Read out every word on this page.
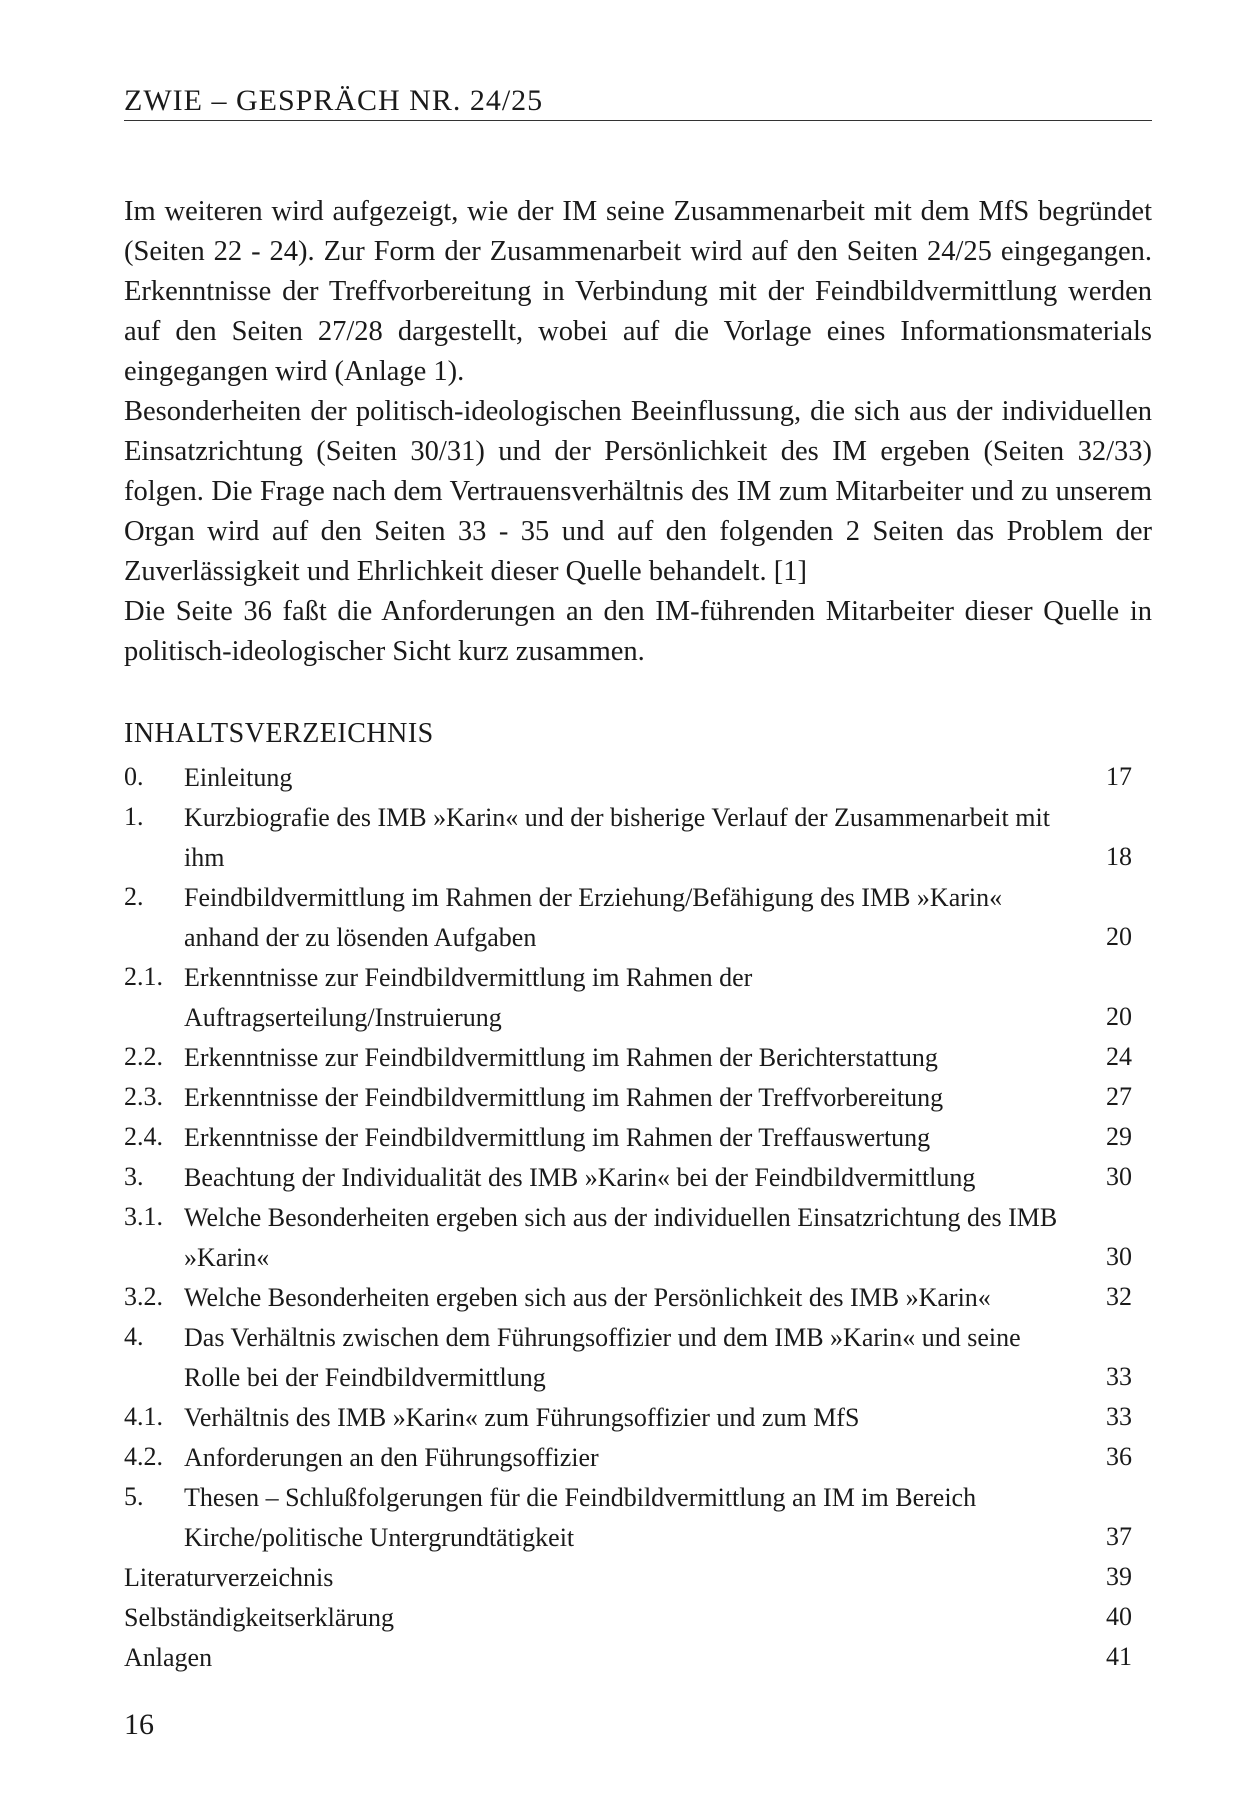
ZWIE – GESPRÄCH NR. 24/25

Im weiteren wird aufgezeigt, wie der IM seine Zusammenarbeit mit dem MfS begründet (Seiten 22 - 24). Zur Form der Zusammenarbeit wird auf den Seiten 24/25 eingegangen. Erkenntnisse der Treffvorbereitung in Verbindung mit der Feindbildvermittlung werden auf den Seiten 27/28 dargestellt, wobei auf die Vorlage eines Informationsmaterials eingegangen wird (Anlage 1).

Besonderheiten der politisch-ideologischen Beeinflussung, die sich aus der individuellen Einsatzrichtung (Seiten 30/31) und der Persönlichkeit des IM ergeben (Seiten 32/33) folgen. Die Frage nach dem Vertrauensverhältnis des IM zum Mitarbeiter und zu unserem Organ wird auf den Seiten 33 - 35 und auf den folgenden 2 Seiten das Problem der Zuverlässigkeit und Ehrlichkeit dieser Quelle behandelt. [1]

Die Seite 36 faßt die Anforderungen an den IM-führenden Mitarbeiter dieser Quelle in politisch-ideologischer Sicht kurz zusammen.

INHALTSVERZEICHNIS
0. Einleitung	17
1. Kurzbiografie des IMB »Karin« und der bisherige Verlauf der Zusammenarbeit mit ihm	18
2. Feindbildvermittlung im Rahmen der Erziehung/Befähigung des IMB »Karin« anhand der zu lösenden Aufgaben	20
2.1. Erkenntnisse zur Feindbildvermittlung im Rahmen der Auftragserteilung/Instruierung	20
2.2. Erkenntnisse zur Feindbildvermittlung im Rahmen der Berichterstattung	24
2.3. Erkenntnisse der Feindbildvermittlung im Rahmen der Treffvorbereitung	27
2.4. Erkenntnisse der Feindbildvermittlung im Rahmen der Treffauswertung	29
3. Beachtung der Individualität des IMB »Karin« bei der Feindbildvermittlung	30
3.1. Welche Besonderheiten ergeben sich aus der individuellen Einsatzrichtung des IMB »Karin«	30
3.2. Welche Besonderheiten ergeben sich aus der Persönlichkeit des IMB »Karin«	32
4. Das Verhältnis zwischen dem Führungsoffizier und dem IMB »Karin« und seine Rolle bei der Feindbildvermittlung	33
4.1. Verhältnis des IMB »Karin« zum Führungsoffizier und zum MfS	33
4.2. Anforderungen an den Führungsoffizier	36
5. Thesen – Schlußfolgerungen für die Feindbildvermittlung an IM im Bereich Kirche/politische Untergrundtätigkeit	37
Literaturverzeichnis	39
Selbständigkeitserklärung	40
Anlagen	41
16
